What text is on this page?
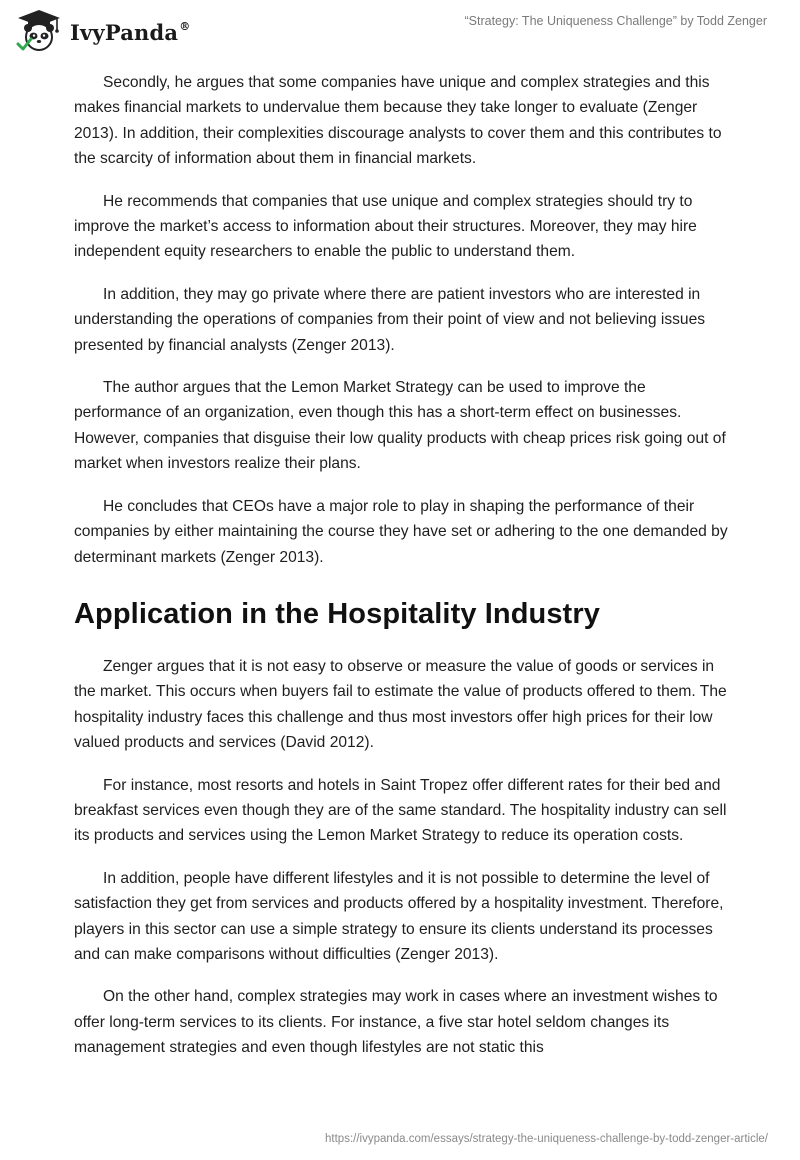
IvyPanda®	“Strategy: The Uniqueness Challenge” by Todd Zenger

Secondly, he argues that some companies have unique and complex strategies and this makes financial markets to undervalue them because they take longer to evaluate (Zenger 2013). In addition, their complexities discourage analysts to cover them and this contributes to the scarcity of information about them in financial markets.

He recommends that companies that use unique and complex strategies should try to improve the market’s access to information about their structures. Moreover, they may hire independent equity researchers to enable the public to understand them.

In addition, they may go private where there are patient investors who are interested in understanding the operations of companies from their point of view and not believing issues presented by financial analysts (Zenger 2013).

The author argues that the Lemon Market Strategy can be used to improve the performance of an organization, even though this has a short-term effect on businesses. However, companies that disguise their low quality products with cheap prices risk going out of market when investors realize their plans.

He concludes that CEOs have a major role to play in shaping the performance of their companies by either maintaining the course they have set or adhering to the one demanded by determinant markets (Zenger 2013).

Application in the Hospitality Industry

Zenger argues that it is not easy to observe or measure the value of goods or services in the market. This occurs when buyers fail to estimate the value of products offered to them. The hospitality industry faces this challenge and thus most investors offer high prices for their low valued products and services (David 2012).

For instance, most resorts and hotels in Saint Tropez offer different rates for their bed and breakfast services even though they are of the same standard. The hospitality industry can sell its products and services using the Lemon Market Strategy to reduce its operation costs.

In addition, people have different lifestyles and it is not possible to determine the level of satisfaction they get from services and products offered by a hospitality investment. Therefore, players in this sector can use a simple strategy to ensure its clients understand its processes and can make comparisons without difficulties (Zenger 2013).

On the other hand, complex strategies may work in cases where an investment wishes to offer long-term services to its clients. For instance, a five star hotel seldom changes its management strategies and even though lifestyles are not static this

https://ivypanda.com/essays/strategy-the-uniqueness-challenge-by-todd-zenger-article/
